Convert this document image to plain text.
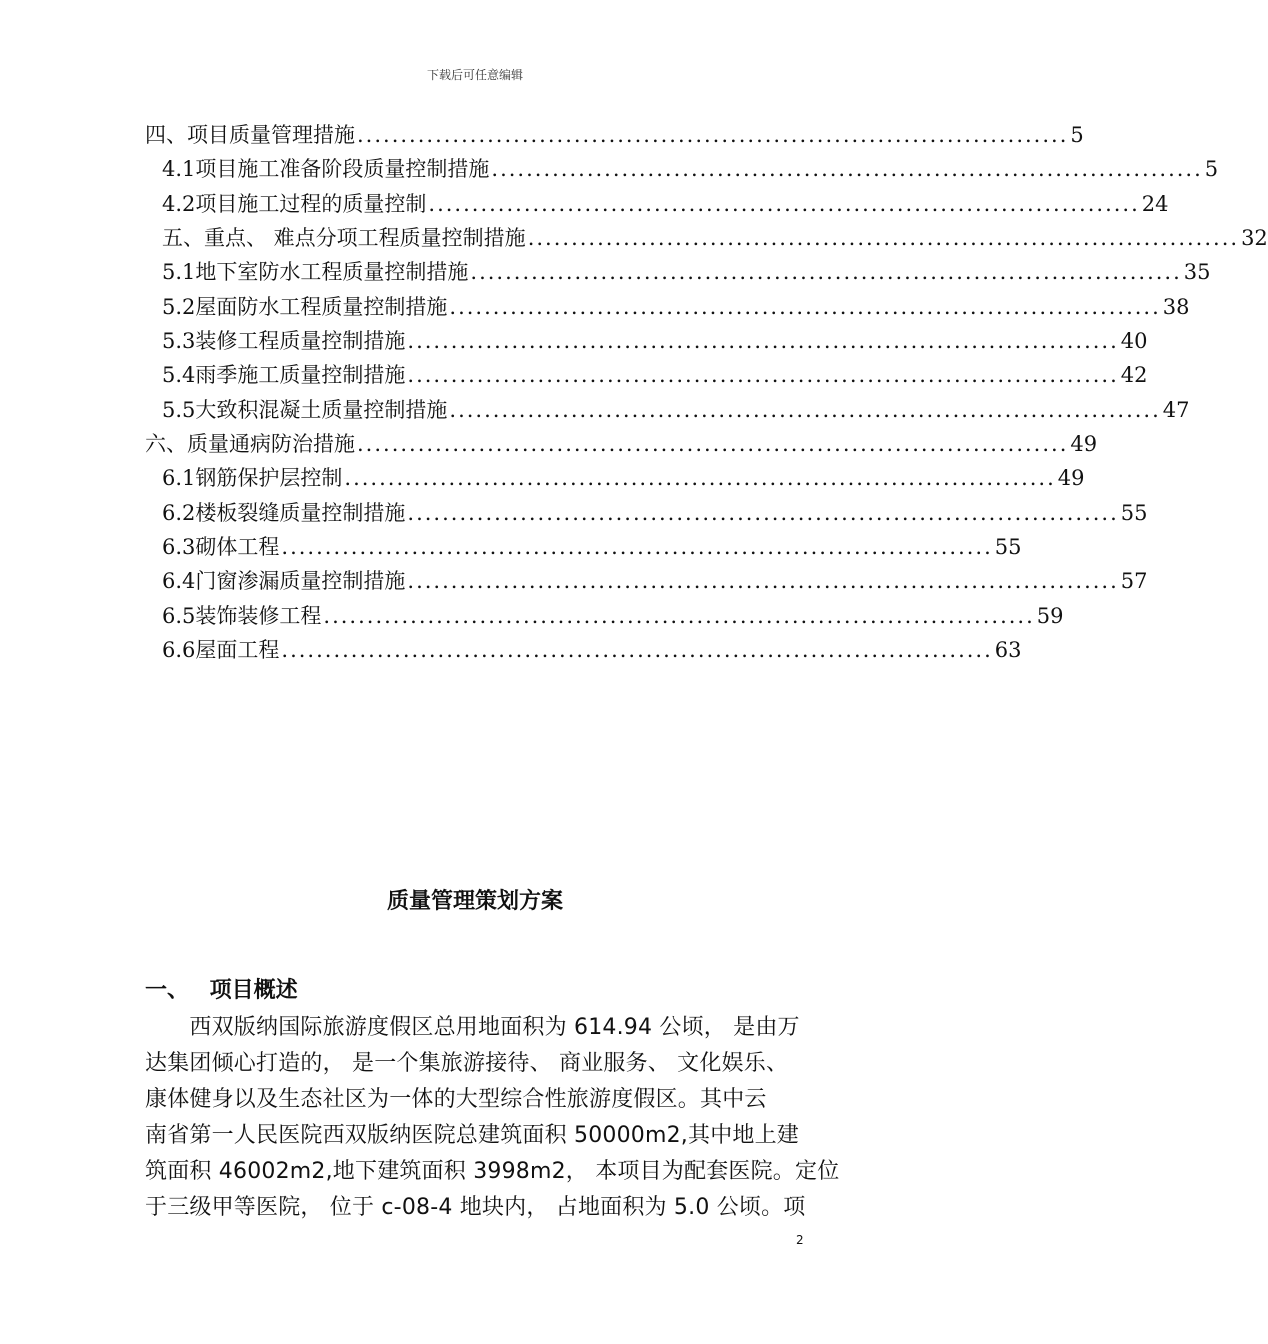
下载后可任意编辑
四、 项目质量管理措施 .................................................................................. 5
4.1 项目施工准备阶段质量控制措施 .................................................................................. 5
4.2 项目施工过程的质量控制 .................................................................................. 24
五、 重点、 难点分项工程质量控制措施 .................................................................................. 32
5.1 地下室防水工程质量控制措施 .................................................................................. 35
5.2 屋面防水工程质量控制措施 .................................................................................. 38
5.3 装修工程质量控制措施 .................................................................................. 40
5.4 雨季施工质量控制措施 .................................................................................. 42
5.5 大致积混凝土质量控制措施 .................................................................................. 47
六、 质量通病防治措施 .................................................................................. 49
6.1 钢筋保护层控制 .................................................................................. 49
6.2 楼板裂缝质量控制措施 .................................................................................. 55
6.3 砌体工程 .................................................................................. 55
6.4 门窗渗漏质量控制措施 .................................................................................. 57
6.5 装饰装修工程 .................................................................................. 59
6.6 屋面工程 .................................................................................. 63
质量管理策划方案
一、 项目概述
　　西双版纳国际旅游度假区总用地面积为 614.94 公顷， 是由万
达集团倾心打造的， 是一个集旅游接待、 商业服务、 文化娱乐、
康体健身以及生态社区为一体的大型综合性旅游度假区。其中云
南省第一人民医院西双版纳医院总建筑面积 50000m2,其中地上建
筑面积 46002m2,地下建筑面积 3998m2， 本项目为配套医院。定位
于三级甲等医院， 位于 c-08-4 地块内， 占地面积为 5.0 公顷。项
2
